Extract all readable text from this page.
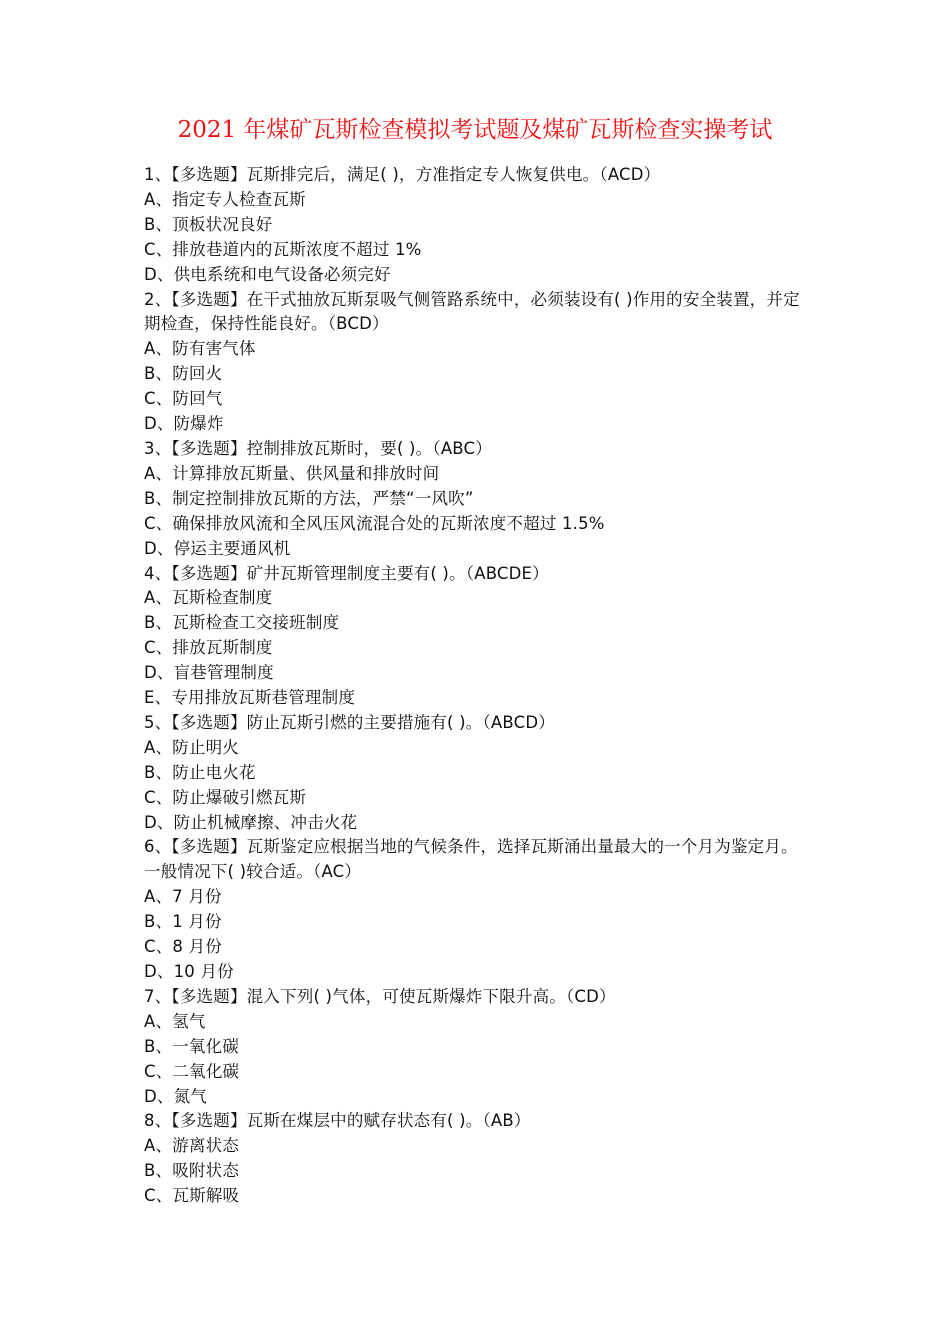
2021 年煤矿瓦斯检查模拟考试题及煤矿瓦斯检查实操考试

1、【多选题】瓦斯排完后，满足( )，方准指定专人恢复供电。（ACD）

A、指定专人检查瓦斯

B、顶板状况良好

C、排放巷道内的瓦斯浓度不超过 1%

D、供电系统和电气设备必须完好

2、【多选题】在干式抽放瓦斯泵吸气侧管路系统中，必须装设有( )作用的安全装置，并定期检查，保持性能良好。（BCD）

A、防有害气体

B、防回火

C、防回气

D、防爆炸

3、【多选题】控制排放瓦斯时，要( )。（ABC）

A、计算排放瓦斯量、供风量和排放时间

B、制定控制排放瓦斯的方法，严禁“一风吹”

C、确保排放风流和全风压风流混合处的瓦斯浓度不超过 1.5%

D、停运主要通风机

4、【多选题】矿井瓦斯管理制度主要有( )。（ABCDE）

A、瓦斯检查制度

B、瓦斯检查工交接班制度

C、排放瓦斯制度

D、盲巷管理制度

E、专用排放瓦斯巷管理制度

5、【多选题】防止瓦斯引燃的主要措施有( )。（ABCD）

A、防止明火

B、防止电火花

C、防止爆破引燃瓦斯

D、防止机械摩擦、冲击火花

6、【多选题】瓦斯鉴定应根据当地的气候条件，选择瓦斯涌出量最大的一个月为鉴定月。一般情况下( )较合适。（AC）

A、7 月份

B、1 月份

C、8 月份

D、10 月份

7、【多选题】混入下列( )气体，可使瓦斯爆炸下限升高。（CD）

A、氢气

B、一氧化碳

C、二氧化碳

D、氮气

8、【多选题】瓦斯在煤层中的赋存状态有( )。（AB）

A、游离状态

B、吸附状态

C、瓦斯解吸
